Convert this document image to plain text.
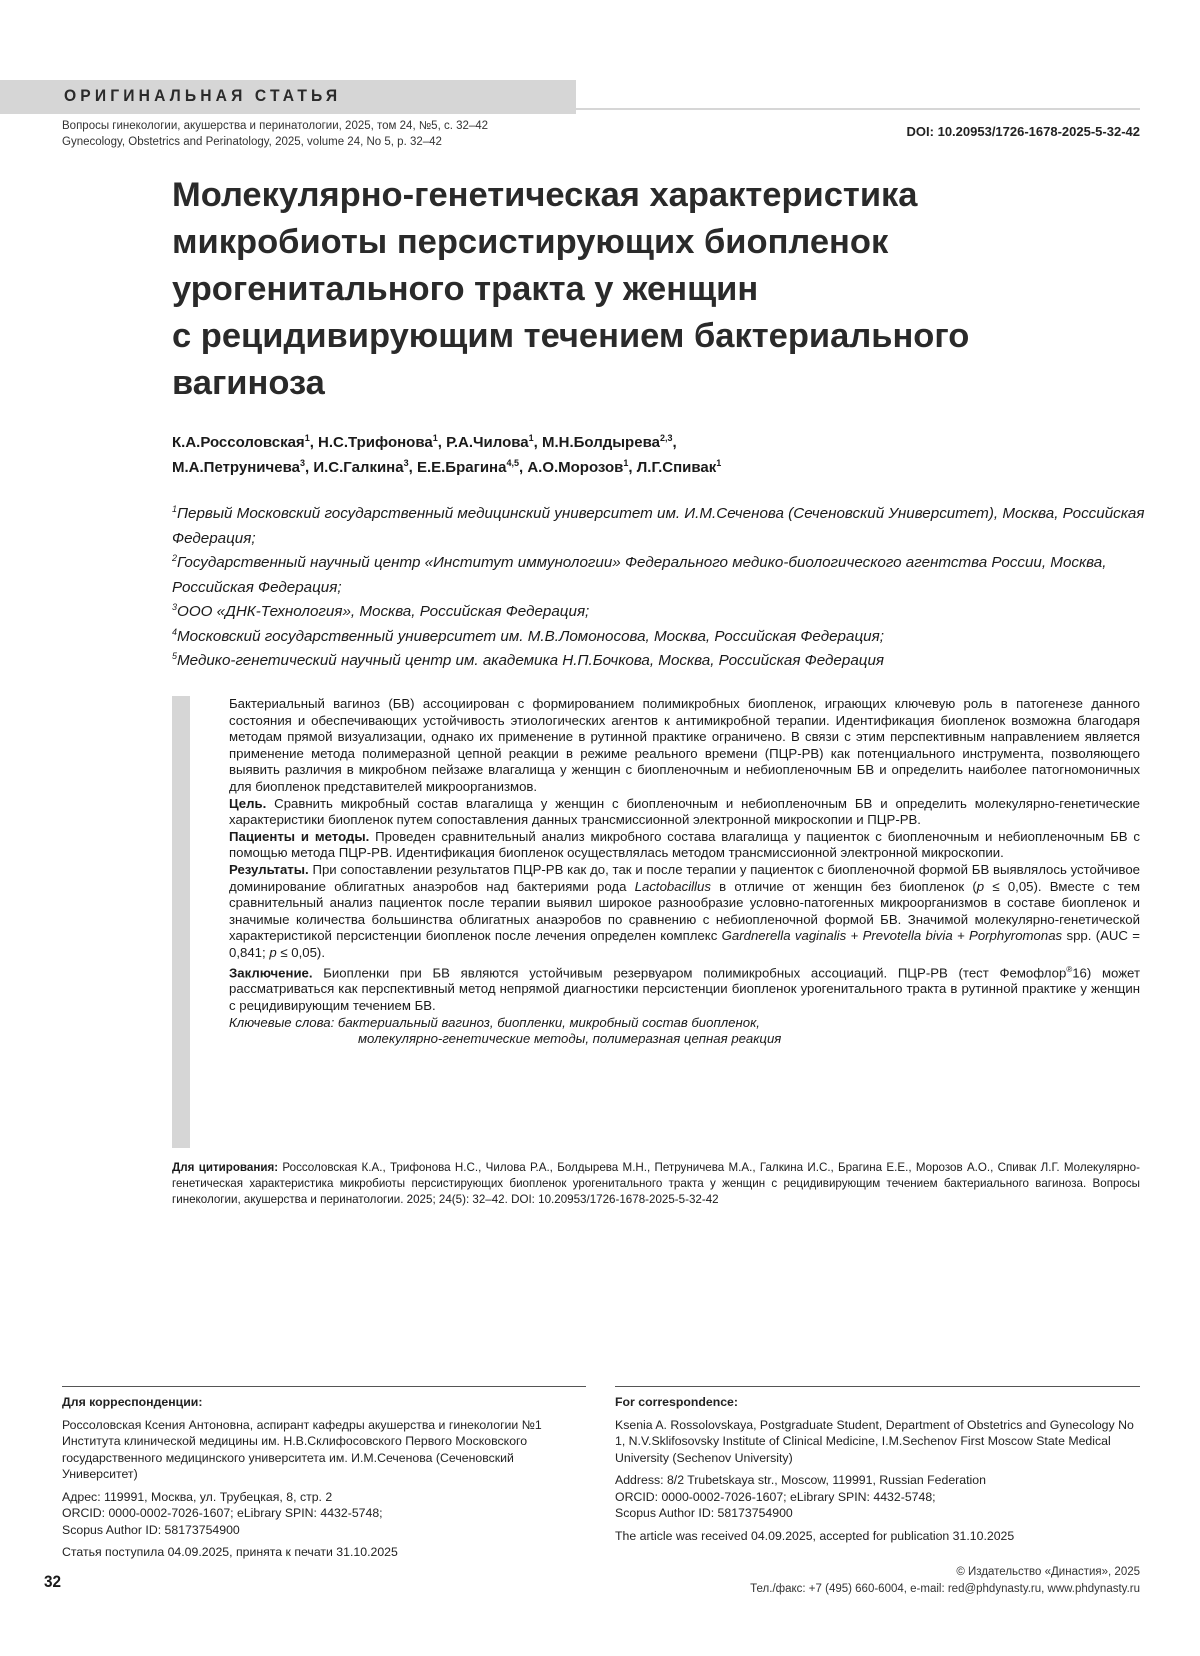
ОРИГИНАЛЬНАЯ СТАТЬЯ
Вопросы гинекологии, акушерства и перинатологии, 2025, том 24, №5, с. 32–42
Gynecology, Obstetrics and Perinatology, 2025, volume 24, No 5, p. 32–42
DOI: 10.20953/1726-1678-2025-5-32-42
Молекулярно-генетическая характеристика
микробиоты персистирующих биопленок
урогенитального тракта у женщин
с рецидивирующим течением бактериального
вагиноза
К.А.Россоловская$^1$, Н.С.Трифонова$^1$, Р.А.Чилова$^1$, М.Н.Болдырева$^{2,3}$,
М.А.Петруничева$^3$, И.С.Галкина$^3$, Е.Е.Брагина$^{4,5}$, А.О.Морозов$^1$, Л.Г.Спивак$^1$
$^1$Первый Московский государственный медицинский университет им. И.М.Сеченова (Сеченовский Университет), Москва, Российская Федерация;
$^2$Государственный научный центр «Институт иммунологии» Федерального медико-биологического агентства России, Москва, Российская Федерация;
$^3$ООО «ДНК-Технология», Москва, Российская Федерация;
$^4$Московский государственный университет им. М.В.Ломоносова, Москва, Российская Федерация;
$^5$Медико-генетический научный центр им. академика Н.П.Бочкова, Москва, Российская Федерация

Бактериальный вагиноз (БВ) ассоциирован с формированием полимикробных биопленок, играющих ключевую роль в патогенезе данного состояния и обеспечивающих устойчивость этиологических агентов к антимикробной терапии. Идентификация биопленок возможна благодаря методам прямой визуализации, однако их применение в рутинной практике ограничено. В связи с этим перспективным направлением является применение метода полимеразной цепной реакции в режиме реального времени (ПЦР-РВ) как потенциального инструмента, позволяющего выявить различия в микробном пейзаже влагалища у женщин с биопленочным и небиопленочным БВ и определить наиболее патогномоничных для биопленок представителей микроорганизмов.

Цель. Сравнить микробный состав влагалища у женщин с биопленочным и небиопленочным БВ и определить молекулярно-генетические характеристики биопленок путем сопоставления данных трансмиссионной электронной микроскопии и ПЦР-РВ.

Пациенты и методы. Проведен сравнительный анализ микробного состава влагалища у пациенток с биопленочным и небиопленочным БВ с помощью метода ПЦР-РВ. Идентификация биопленок осуществлялась методом трансмиссионной электронной микроскопии.

Результаты. При сопоставлении результатов ПЦР-РВ как до, так и после терапии у пациенток с биопленочной формой БВ выявлялось устойчивое доминирование облигатных анаэробов над бактериями рода Lactobacillus в отличие от женщин без биопленок (p ≤ 0,05). Вместе с тем сравнительный анализ пациенток после терапии выявил широкое разнообразие условно-патогенных микроорганизмов в составе биопленок и значимые количества большинства облигатных анаэробов по сравнению с небиопленочной формой БВ. Значимой молекулярно-генетической характеристикой персистенции биопленок после лечения определен комплекс Gardnerella vaginalis + Prevotella bivia + Porphyromonas spp. (AUC = 0,841; p ≤ 0,05).

Заключение. Биопленки при БВ являются устойчивым резервуаром полимикробных ассоциаций. ПЦР-РВ (тест Фемофлор®16) может рассматриваться как перспективный метод непрямой диагностики персистенции биопленок урогенитального тракта в рутинной практике у женщин с рецидивирующим течением БВ.

Ключевые слова: бактериальный вагиноз, биопленки, микробный состав биопленок,

молекулярно-генетические методы, полимеразная цепная реакция

Для цитирования: Россоловская К.А., Трифонова Н.С., Чилова Р.А., Болдырева М.Н., Петруничева М.А., Галкина И.С., Брагина Е.Е., Морозов А.О., Спивак Л.Г. Молекулярно-генетическая характеристика микробиоты персистирующих биопленок урогенитального тракта у женщин с рецидивирующим течением бактериального вагиноза. Вопросы гинекологии, акушерства и перинатологии. 2025; 24(5): 32–42. DOI: 10.20953/1726-1678-2025-5-32-42
Для корреспонденции:

Россоловская Ксения Антоновна, аспирант кафедры акушерства и гинекологии №1 Института клинической медицины им. Н.В.Склифосовского Первого Московского государственного медицинского университета им. И.М.Сеченова (Сеченовский Университет)

Адрес: 119991, Москва, ул. Трубецкая, 8, стр. 2

ORCID: 0000-0002-7026-1607; eLibrary SPIN: 4432-5748;

Scopus Author ID: 58173754900

Статья поступила 04.09.2025, принята к печати 31.10.2025

For correspondence:

Ksenia A. Rossolovskaya, Postgraduate Student, Department of Obstetrics and Gynecology No 1, N.V.Sklifosovsky Institute of Clinical Medicine, I.M.Sechenov First Moscow State Medical University (Sechenov University)

Address: 8/2 Trubetskaya str., Moscow, 119991, Russian Federation

ORCID: 0000-0002-7026-1607; eLibrary SPIN: 4432-5748;

Scopus Author ID: 58173754900

The article was received 04.09.2025, accepted for publication 31.10.2025

32	© Издательство «Династия», 2025
Тел./факс: +7 (495) 660-6004, e-mail: red@phdynasty.ru, www.phdynasty.ru
